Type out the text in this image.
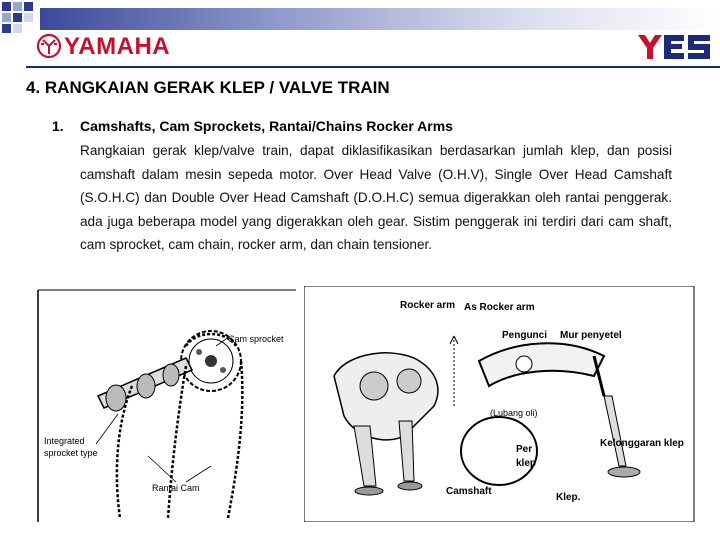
YAMAHA
YES
4. RANGKAIAN GERAK KLEP / VALVE TRAIN
1. Camshafts, Cam Sprockets, Rantai/Chains Rocker Arms
Rangkaian gerak klep/valve train, dapat diklasifikasikan berdasarkan jumlah klep, dan posisi camshaft dalam mesin sepeda motor. Over Head Valve (O.H.V), Single Over Head Camshaft (S.O.H.C) dan Double Over Head Camshaft (D.O.H.C) semua digerakkan oleh rantai penggerak. ada juga beberapa model yang digerakkan oleh gear. Sistim penggerak ini terdiri dari cam shaft, cam sprocket, cam chain, rocker arm, dan chain tensioner.
Cam sprocket
Integrated
sprocket type
Rantai Cam
Rocker arm As Rocker arm
Pengunci Mur penyetel
(Lubang oli)
Per
klep
Kelonggaran klep
Camshaft
Klep.
